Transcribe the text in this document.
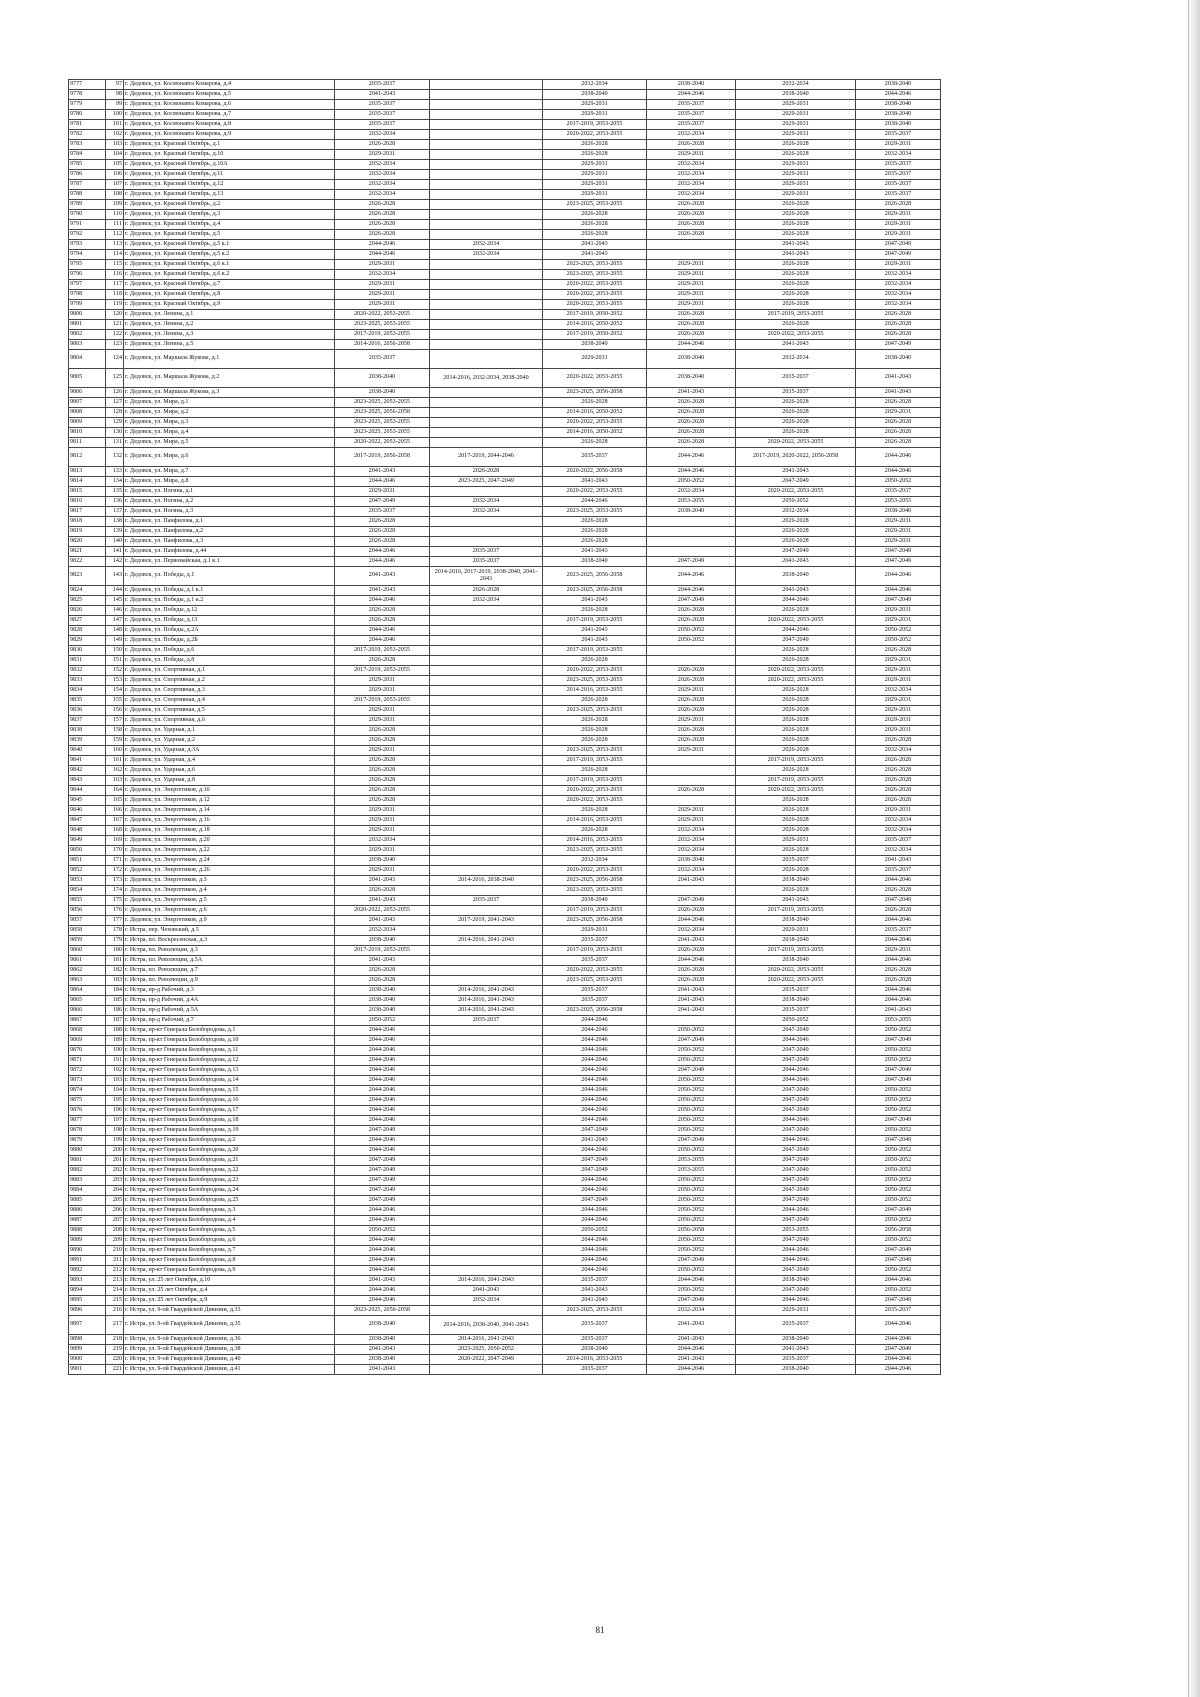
9777	97	г. Дедовск, ул. Космонавта Комарова, д.4	2035-2037		2032-2034	2038-2040	2032-2034	2038-2040
9778	98	г. Дедовск, ул. Космонавта Комарова, д.5	2041-2043		2038-2040	2044-2046	2038-2040	2044-2046
9779	99	г. Дедовск, ул. Космонавта Комарова, д.6	2035-2037		2029-2031	2035-2037	2029-2031	2038-2040
9780	100	г. Дедовск, ул. Космонавта Комарова, д.7	2035-2037		2029-2031	2035-2037	2029-2031	2038-2040
9781	101	г. Дедовск, ул. Космонавта Комарова, д.8	2035-2037		2017-2019, 2053-2055	2035-2037	2029-2031	2038-2040
9782	102	г. Дедовск, ул. Космонавта Комарова, д.9	2032-2034		2020-2022, 2053-2055	2032-2034	2029-2031	2035-2037
9783	103	г. Дедовск, ул. Красный Октябрь, д.1	2026-2028		2026-2028	2026-2028	2026-2028	2029-2031
9784	104	г. Дедовск, ул. Красный Октябрь, д.10	2029-2031		2026-2028	2029-2031	2026-2028	2032-2034
9785	105	г. Дедовск, ул. Красный Октябрь, д.10А	2032-2034		2029-2031	2032-2034	2029-2031	2035-2037
9786	106	г. Дедовск, ул. Красный Октябрь, д.11	2032-2034		2029-2031	2032-2034	2029-2031	2035-2037
9787	107	г. Дедовск, ул. Красный Октябрь, д.12	2032-2034		2029-2031	2032-2034	2029-2031	2035-2037
9788	108	г. Дедовск, ул. Красный Октябрь, д.13	2032-2034		2029-2031	2032-2034	2029-2031	2035-2037
9789	109	г. Дедовск, ул. Красный Октябрь, д.2	2026-2028		2023-2025, 2053-2055	2026-2028	2026-2028	2026-2028
9790	110	г. Дедовск, ул. Красный Октябрь, д.3	2026-2028		2026-2028	2026-2028	2026-2028	2029-2031
9791	111	г. Дедовск, ул. Красный Октябрь, д.4	2026-2028		2026-2028	2026-2028	2026-2028	2029-2031
9792	112	г. Дедовск, ул. Красный Октябрь, д.5	2026-2028		2026-2028	2026-2028	2026-2028	2029-2031
9793	113	г. Дедовск, ул. Красный Октябрь, д.5 к.1	2044-2046	2032-2034	2041-2043		2041-2043	2047-2049
9794	114	г. Дедовск, ул. Красный Октябрь, д.5 к.2	2044-2046	2032-2034	2041-2043		2041-2043	2047-2049
9795	115	г. Дедовск, ул. Красный Октябрь, д.6 к.1	2029-2031		2023-2025, 2053-2055	2029-2031	2026-2028	2029-2031
9796	116	г. Дедовск, ул. Красный Октябрь, д.6 к.2	2032-2034		2023-2025, 2053-2055	2029-2031	2026-2028	2032-2034
9797	117	г. Дедовск, ул. Красный Октябрь, д.7	2029-2031		2020-2022, 2053-2055	2029-2031	2026-2028	2032-2034
9798	118	г. Дедовск, ул. Красный Октябрь, д.8	2029-2031		2020-2022, 2053-2055	2029-2031	2026-2028	2032-2034
9799	119	г. Дедовск, ул. Красный Октябрь, д.9	2029-2031		2020-2022, 2053-2055	2029-2031	2026-2028	2032-2034
9800	120	г. Дедовск, ул. Ленина, д.1	2020-2022, 2053-2055		2017-2019, 2050-2052	2026-2028	2017-2019, 2053-2055	2026-2028
9801	121	г. Дедовск, ул. Ленина, д.2	2023-2025, 2053-2055		2014-2016, 2050-2052	2026-2028	2026-2028	2026-2028
9802	122	г. Дедовск, ул. Ленина, д.3	2017-2019, 2053-2055		2017-2019, 2050-2052	2026-2028	2020-2022, 2053-2055	2026-2028
9803	123	г. Дедовск, ул. Ленина, д.5	2014-2016, 2056-2058		2038-2040	2044-2046	2041-2043	2047-2049
9804	124	г. Дедовск, ул. Маршала Жукова, д.1	2035-2037		2029-2031	2038-2040	2032-2034	2038-2040
9805	125	г. Дедовск, ул. Маршала Жукова, д.2	2038-2040	2014-2016, 2032-2034, 2038-2040	2020-2022, 2053-2055	2038-2040	2035-2037	2041-2043
9806	126	г. Дедовск, ул. Маршала Жукова, д.3	2038-2040		2023-2025, 2056-2058	2041-2043	2035-2037	2041-2043
9807	127	г. Дедовск, ул. Мира, д.1	2023-2025, 2053-2055		2026-2028	2026-2028	2026-2028	2026-2028
9808	128	г. Дедовск, ул. Мира, д.2	2023-2025, 2056-2058		2014-2016, 2050-2052	2026-2028	2026-2028	2029-2031
9809	129	г. Дедовск, ул. Мира, д.3	2023-2025, 2053-2055		2020-2022, 2053-2055	2026-2028	2026-2028	2026-2028
9810	130	г. Дедовск, ул. Мира, д.4	2023-2025, 2053-2055		2014-2016, 2050-2052	2026-2028	2026-2028	2026-2028
9811	131	г. Дедовск, ул. Мира, д.5	2020-2022, 2053-2055		2026-2028	2026-2028	2020-2022, 2053-2055	2026-2028
9812	132	г. Дедовск, ул. Мира, д.6	2017-2019, 2056-2058	2017-2019, 2044-2046	2035-2037	2044-2046	2017-2019, 2020-2022, 2056-2058	2044-2046
9813	133	г. Дедовск, ул. Мира, д.7	2041-2043	2026-2028	2020-2022, 2056-2058	2044-2046	2041-2043	2044-2046
9814	134	г. Дедовск, ул. Мира, д.8	2044-2046	2023-2025, 2047-2049	2041-2043	2050-2052	2047-2049	2050-2052
9815	135	г. Дедовск, ул. Ногина, д.1	2029-2031		2020-2022, 2053-2055	2032-2034	2020-2022, 2053-2055	2035-2037
9816	136	г. Дедовск, ул. Ногина, д.2	2047-2049	2032-2034	2044-2046	2053-2055	2050-2052	2053-2055
9817	137	г. Дедовск, ул. Ногина, д.3	2035-2037	2032-2034	2023-2025, 2053-2055	2038-2040	2032-2034	2038-2040
9818	138	г. Дедовск, ул. Панфилова, д.1	2026-2028		2026-2028		2026-2028	2029-2031
9819	139	г. Дедовск, ул. Панфилова, д.2	2026-2028		2026-2028		2026-2028	2029-2031
9820	140	г. Дедовск, ул. Панфилова, д.3	2026-2028		2026-2028		2026-2028	2029-2031
9821	141	г. Дедовск, ул. Панфилова, д.44	2044-2046	2035-2037	2041-2043		2047-2049	2047-2049
9822	142	г. Дедовск, ул. Первомайская, д.1 к.1	2044-2046	2035-2037	2038-2040	2047-2049	2041-2043	2047-2049
9823	143	г. Дедовск, ул. Победы, д.1	2041-2043	2014-2016, 2017-2019, 2038-2040, 2041-2043	2023-2025, 2056-2058	2044-2046	2038-2040	2044-2046
9824	144	г. Дедовск, ул. Победы, д.1 к.1	2041-2043	2026-2028	2023-2025, 2056-2058	2044-2046	2041-2043	2044-2046
9825	145	г. Дедовск, ул. Победы, д.1 к.2	2044-2046	2032-2034	2041-2043	2047-2049	2044-2046	2047-2049
9826	146	г. Дедовск, ул. Победы, д.12	2026-2028		2026-2028	2026-2028	2026-2028	2029-2031
9827	147	г. Дедовск, ул. Победы, д.13	2026-2028		2017-2019, 2053-2055	2026-2028	2020-2022, 2053-2055	2029-2031
9828	148	г. Дедовск, ул. Победы, д.2А	2044-2046		2041-2043	2050-2052	2044-2046	2050-2052
9829	149	г. Дедовск, ул. Победы, д.2Б	2044-2046		2041-2043	2050-2052	2047-2049	2050-2052
9830	150	г. Дедовск, ул. Победы, д.6	2017-2019, 2053-2055		2017-2019, 2053-2055		2026-2028	2026-2028
9831	151	г. Дедовск, ул. Победы, д.8	2026-2028		2026-2028		2026-2028	2029-2031
9832	152	г. Дедовск, ул. Спортивная, д.1	2017-2019, 2053-2055		2020-2022, 2053-2055	2026-2028	2020-2022, 2053-2055	2029-2031
9833	153	г. Дедовск, ул. Спортивная, д.2	2029-2031		2023-2025, 2053-2055	2026-2028	2020-2022, 2053-2055	2029-2031
9834	154	г. Дедовск, ул. Спортивная, д.3	2029-2031		2014-2016, 2053-2055	2029-2031	2026-2028	2032-2034
9835	155	г. Дедовск, ул. Спортивная, д.4	2017-2019, 2053-2055		2026-2028	2026-2028	2026-2028	2029-2031
9836	156	г. Дедовск, ул. Спортивная, д.5	2029-2031		2023-2025, 2053-2055	2026-2028	2026-2028	2029-2031
9837	157	г. Дедовск, ул. Спортивная, д.6	2029-2031		2026-2028	2029-2031	2026-2028	2029-2031
9838	158	г. Дедовск, ул. Ударная, д.1	2026-2028		2026-2028	2026-2028	2026-2028	2029-2031
9839	159	г. Дедовск, ул. Ударная, д.2	2026-2028		2026-2028	2026-2028	2026-2028	2026-2028
9840	160	г. Дедовск, ул. Ударная, д.3А	2029-2031		2023-2025, 2053-2055	2029-2031	2026-2028	2032-2034
9841	161	г. Дедовск, ул. Ударная, д.4	2026-2028		2017-2019, 2053-2055		2017-2019, 2053-2055	2026-2028
9842	162	г. Дедовск, ул. Ударная, д.6	2026-2028		2026-2028		2026-2028	2026-2028
9843	163	г. Дедовск, ул. Ударная, д.8	2026-2028		2017-2019, 2053-2055		2017-2019, 2053-2055	2026-2028
9844	164	г. Дедовск, ул. Энергетиков, д.10	2026-2028		2020-2022, 2053-2055	2026-2028	2020-2022, 2053-2055	2026-2028
9845	165	г. Дедовск, ул. Энергетиков, д.12	2026-2028		2020-2022, 2053-2055		2026-2028	2026-2028
9846	166	г. Дедовск, ул. Энергетиков, д.14	2029-2031		2026-2028	2029-2031	2026-2028	2029-2031
9847	167	г. Дедовск, ул. Энергетиков, д.16	2029-2031		2014-2016, 2053-2055	2029-2031	2026-2028	2032-2034
9848	168	г. Дедовск, ул. Энергетиков, д.18	2029-2031		2026-2028	2032-2034	2026-2028	2032-2034
9849	169	г. Дедовск, ул. Энергетиков, д.20	2032-2034		2014-2016, 2053-2055	2032-2034	2029-2031	2035-2037
9850	170	г. Дедовск, ул. Энергетиков, д.22	2029-2031		2023-2025, 2053-2055	2032-2034	2026-2028	2032-2034
9851	171	г. Дедовск, ул. Энергетиков, д.24	2038-2040		2032-2034	2038-2040	2035-2037	2041-2043
9852	172	г. Дедовск, ул. Энергетиков, д.26	2029-2031		2020-2022, 2053-2055	2032-2034	2026-2028	2035-2037
9853	173	г. Дедовск, ул. Энергетиков, д.3	2041-2043	2014-2016, 2038-2040	2023-2025, 2056-2058	2041-2043	2038-2040	2044-2046
9854	174	г. Дедовск, ул. Энергетиков, д.4	2026-2028		2023-2025, 2053-2055		2026-2028	2026-2028
9855	175	г. Дедовск, ул. Энергетиков, д.5	2041-2043	2035-2037	2038-2040	2047-2049	2041-2043	2047-2049
9856	176	г. Дедовск, ул. Энергетиков, д.6	2020-2022, 2053-2055		2017-2019, 2053-2055	2026-2028	2017-2019, 2053-2055	2026-2028
9857	177	г. Дедовск, ул. Энергетиков, д.9	2041-2043	2017-2019, 2041-2043	2023-2025, 2056-2058	2044-2046	2038-2040	2044-2046
9858	178	г. Истра, пер. Чеховский, д.5	2032-2034		2029-2031	2032-2034	2029-2031	2035-2037
9859	179	г. Истра, пл. Воскресенская, д.3	2038-2040	2014-2016, 2041-2043	2035-2037	2041-2043	2038-2040	2044-2046
9860	180	г. Истра, пл. Революции, д.3	2017-2019, 2053-2055		2017-2019, 2053-2055	2026-2028	2017-2019, 2053-2055	2029-2031
9861	181	г. Истра, пл. Революции, д.5А	2041-2043		2035-2037	2044-2046	2038-2040	2044-2046
9862	182	г. Истра, пл. Революции, д.7	2026-2028		2020-2022, 2053-2055	2026-2028	2020-2022, 2053-2055	2026-2028
9863	183	г. Истра, пл. Революции, д.9	2026-2028		2023-2025, 2053-2055	2026-2028	2020-2022, 2053-2055	2026-2028
9864	184	г. Истра, пр-д Рабочий, д.3	2038-2040	2014-2016, 2041-2043	2035-2037	2041-2043	2035-2037	2044-2046
9865	185	г. Истра, пр-д Рабочий, д.4А	2038-2040	2014-2016, 2041-2043	2035-2037	2041-2043	2038-2040	2044-2046
9866	186	г. Истра, пр-д Рабочий, д.5А	2038-2040	2014-2016, 2041-2043	2023-2025, 2056-2058	2041-2043	2035-2037	2041-2043
9867	187	г. Истра, пр-д Рабочий, д.7	2050-2052	2035-2037	2044-2046		2050-2052	2053-2055
9868	188	г. Истра, пр-кт Генерала Белобородова, д.1	2044-2046		2044-2046	2050-2052	2047-2049	2050-2052
9869	189	г. Истра, пр-кт Генерала Белобородова, д.10	2044-2046		2044-2046	2047-2049	2044-2046	2047-2049
9870	190	г. Истра, пр-кт Генерала Белобородова, д.11	2044-2046		2044-2046	2050-2052	2047-2049	2050-2052
9871	191	г. Истра, пр-кт Генерала Белобородова, д.12	2044-2046		2044-2046	2050-2052	2047-2049	2050-2052
9872	192	г. Истра, пр-кт Генерала Белобородова, д.13	2044-2046		2044-2046	2047-2049	2044-2046	2047-2049
9873	193	г. Истра, пр-кт Генерала Белобородова, д.14	2044-2046		2044-2046	2050-2052	2044-2046	2047-2049
9874	194	г. Истра, пр-кт Генерала Белобородова, д.15	2044-2046		2044-2046	2050-2052	2047-2049	2050-2052
9875	195	г. Истра, пр-кт Генерала Белобородова, д.16	2044-2046		2044-2046	2050-2052	2047-2049	2050-2052
9876	196	г. Истра, пр-кт Генерала Белобородова, д.17	2044-2046		2044-2046	2050-2052	2047-2049	2050-2052
9877	197	г. Истра, пр-кт Генерала Белобородова, д.18	2044-2046		2044-2046	2050-2052	2044-2046	2047-2049
9878	198	г. Истра, пр-кт Генерала Белобородова, д.19	2047-2049		2047-2049	2050-2052	2047-2049	2050-2052
9879	199	г. Истра, пр-кт Генерала Белобородова, д.2	2044-2046		2041-2043	2047-2049	2044-2046	2047-2049
9880	200	г. Истра, пр-кт Генерала Белобородова, д.20	2044-2046		2044-2046	2050-2052	2047-2049	2050-2052
9881	201	г. Истра, пр-кт Генерала Белобородова, д.21	2047-2049		2047-2049	2053-2055	2047-2049	2050-2052
9882	202	г. Истра, пр-кт Генерала Белобородова, д.22	2047-2049		2047-2049	2053-2055	2047-2049	2050-2052
9883	203	г. Истра, пр-кт Генерала Белобородова, д.23	2047-2049		2044-2046	2050-2052	2047-2049	2050-2052
9884	204	г. Истра, пр-кт Генерала Белобородова, д.24	2047-2049		2044-2046	2050-2052	2047-2049	2050-2052
9885	205	г. Истра, пр-кт Генерала Белобородова, д.25	2047-2049		2047-2049	2050-2052	2047-2049	2050-2052
9886	206	г. Истра, пр-кт Генерала Белобородова, д.3	2044-2046		2044-2046	2050-2052	2044-2046	2047-2049
9887	207	г. Истра, пр-кт Генерала Белобородова, д.4	2044-2046		2044-2046	2050-2052	2047-2049	2050-2052
9888	208	г. Истра, пр-кт Генерала Белобородова, д.5	2050-2052		2050-2052	2056-2058	2053-2055	2056-2058
9889	209	г. Истра, пр-кт Генерала Белобородова, д.6	2044-2046		2044-2046	2050-2052	2047-2049	2050-2052
9890	210	г. Истра, пр-кт Генерала Белобородова, д.7	2044-2046		2044-2046	2050-2052	2044-2046	2047-2049
9891	211	г. Истра, пр-кт Генерала Белобородова, д.8	2044-2046		2044-2046	2047-2049	2044-2046	2047-2049
9892	212	г. Истра, пр-кт Генерала Белобородова, д.9	2044-2046		2044-2046	2050-2052	2047-2049	2050-2052
9893	213	г. Истра, ул. 25 лет Октября, д.10	2041-2043	2014-2016, 2041-2043	2035-2037	2044-2046	2038-2040	2044-2046
9894	214	г. Истра, ул. 25 лет Октября, д.4	2044-2046	2041-2043	2041-2043	2050-2052	2047-2049	2050-2052
9895	215	г. Истра, ул. 25 лет Октября, д.9	2044-2046	2032-2034	2041-2043	2047-2049	2044-2046	2047-2049
9896	216	г. Истра, ул. 9-ой Гвардейской Дивизии, д.33	2023-2025, 2056-2058		2023-2025, 2053-2055	2032-2034	2029-2031	2035-2037
9897	217	г. Истра, ул. 9-ой Гвардейской Дивизии, д.35	2038-2040	2014-2016, 2038-2040, 2041-2043	2035-2037	2041-2043	2035-2037	2044-2046
9898	218	г. Истра, ул. 9-ой Гвардейской Дивизии, д.36	2038-2040	2014-2016, 2041-2043	2035-2037	2041-2043	2038-2040	2044-2046
9899	219	г. Истра, ул. 9-ой Гвардейской Дивизии, д.38	2041-2043	2023-2025, 2050-2052	2038-2040	2044-2046	2041-2043	2047-2049
9900	220	г. Истра, ул. 9-ой Гвардейской Дивизии, д.40	2038-2040	2020-2022, 2047-2049	2014-2016, 2053-2055	2041-2043	2035-2037	2044-2046
9901	221	г. Истра, ул. 9-ой Гвардейской Дивизии, д.41	2041-2043		2035-2037	2044-2046	2038-2040	2044-2046
81
